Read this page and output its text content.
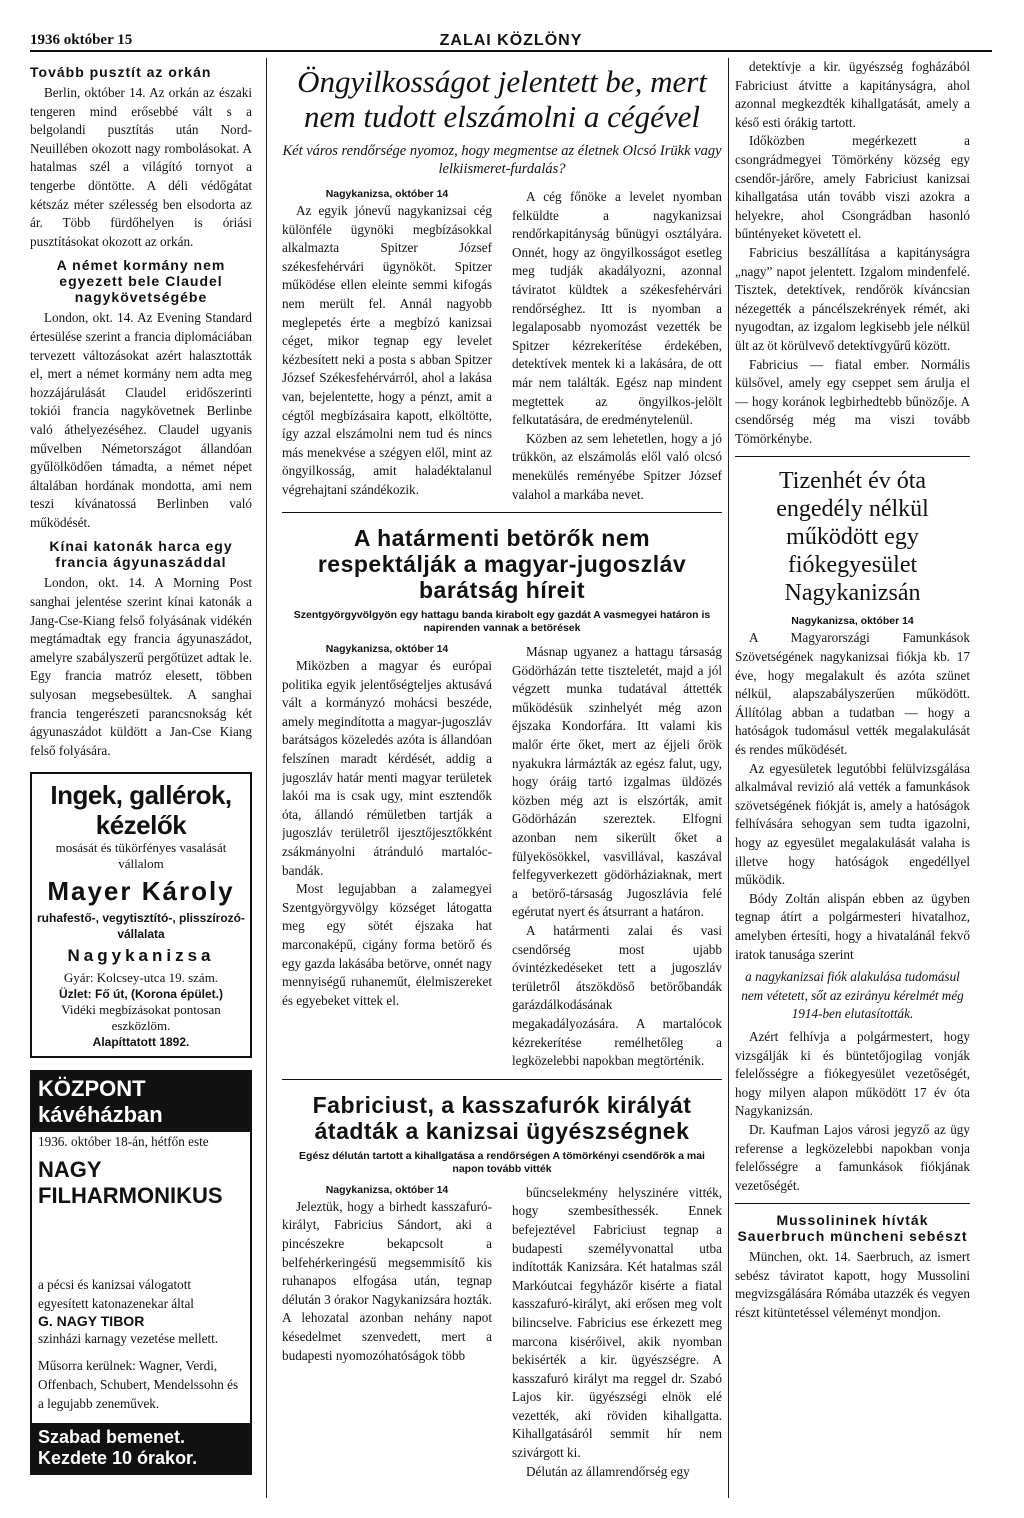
1936 október 15	ZALAI KÖZLÖNY
Tovább pusztít az orkán

Berlin, október 14. Az orkán az északi tengeren mind erősebbé vált s a belgolandi pusztítás után Nord-Neuillében okozott nagy rombolásokat. A hatalmas szél a világító tornyot a tengerbe döntötte. A déli védőgátat kétszáz méter szélesség ben elsodorta az ár. Több fürdőhelyen is óriási pusztításokat okozott az orkán.

A német kormány nem egyezett bele Claudel nagykövetségébe

London, okt. 14. Az Evening Standard értesülése szerint a francia diplomáciában tervezett változásokat azért halasztották el, mert a német kormány nem adta meg hozzájárulását Claudel eridőszerinti tokiói francia nagykövetnek Berlinbe való áthelyezéséhez. Claudel ugyanis művelben Németországot állandóan gyűlölködően támadta, a német népet általában hordának mondotta, ami nem teszi kívánatossá Berlinben való működését.

Kínai katonák harca egy francia ágyunaszáddal

London, okt. 14. A Morning Post sanghai jelentése szerint kínai katonák a Jang-Cse-Kiang felső folyásának vidékén megtámadtak egy francia ágyunaszádot, amelyre szabályszerű pergőtüzet adtak le. Egy francia matróz elesett, többen sulyosan megsebesültek. A sanghai francia tengerészeti parancsnokság két ágyunaszádot küldött a Jan-Cse Kiang felső folyására.

Ingek, gallérok, kézelők
mosását és tükörfényes vasalását vállalom
Mayer Károly
ruhafestő-, vegytisztító-, plisszírozó-vállalata
Nagykanizsa
Gyár: Kolcsey-utca 19. szám.
Üzlet: Fő út, (Korona épület.)
Vidéki megbízásokat pontosan eszközlöm.
Alapíttatott 1892.
KÖZPONT kávéházban
1936. október 18-án, hétfőn este
NAGY FILHARMONIKUS
a pécsi és kanizsai válogatott egyesített katonazenekar által
G. NAGY TIBOR
szinházi karnagy vezetése mellett.
Műsorra kerülnek: Wagner, Verdi, Offenbach, Schubert, Mendelssohn és a legujabb zeneművek.
Szabad bemenet. Kezdete 10 órakor.
Öngyilkosságot jelentett be, mert nem tudott elszámolni a cégével
Két város rendőrsége nyomoz, hogy megmentse az életnek Olcsó Irükk vagy lelkiismeret-furdalás?
Nagykanizsa, október 14

Az egyik jónevű nagykanizsai cég különféle ügynöki megbízásokkal alkalmazta Spitzer József székesfehérvári ügynököt. Spitzer működése ellen eleinte semmi kifogás nem merült fel. Annál nagyobb meglepetés érte a megbízó kanizsai céget, mikor tegnap egy levelet kézbesített neki a posta s abban Spitzer József Székesfehérvárról, ahol a lakása van, bejelentette, hogy a pénzt, amit a cégtől megbízásaira kapott, elköltötte, így azzal elszámolni nem tud és nincs más menekvése a szégyen elől, mint az öngyilkosság, amit haladéktalanul végrehajtani szándékozik.

A cég főnöke a levelet nyomban felküldte a nagykanizsai rendőrkapitányság bűnügyi osztályára. Onnét, hogy az öngyilkosságot esetleg meg tudják akadályozni, azonnal táviratot küldtek a székesfehérvári rendőrséghez. Itt is nyomban a legalaposabb nyomozást vezették be Spitzer kézrekerítése érdekében, detektívek mentek ki a lakására, de ott már nem találták. Egész nap mindent megtettek az öngyilkos-jelölt felkutatására, de eredménytelenül.

Közben az sem lehetetlen, hogy a jó trükkön, az elszámolás elől való olcsó menekülés reményébe Spitzer József valahol a markába nevet.

A határmenti betörők nem respektálják a magyar-jugoszláv barátság híreit
Szentgyörgyvölgyön egy hattagu banda kirabolt egy gazdát A vasmegyei határon is napirenden vannak a betörések
Nagykanizsa, október 14

Miközben a magyar és európai politika egyik jelentőségteljes aktusává vált a kormányzó mohácsi beszéde, amely megindította a magyar-jugoszláv barátságos közeledés azóta is állandóan felszínen maradt kérdését, addig a jugoszláv határ menti magyar területek lakói ma is csak ugy, mint esztendők óta, állandó rémületben tartják a jugoszláv területről ijesztőjesztőkként zsákmányolni átránduló martalóc-bandák.

Most legujabban a zalamegyei Szentgyörgyvölgy községet látogatta meg egy sötét éjszaka hat marconaképű, cigány forma betörő és egy gazda lakásába betörve, onnét nagy mennyiségű ruhaneműt, élelmiszereket és egyebeket vittek el.

Másnap ugyanez a hattagu társaság Gödörházán tette tiszteletét, majd a jól végzett munka tudatával áttették működésük szinhelyét még azon éjszaka Kondorfára. Itt valami kis malőr érte őket, mert az éjjeli őrök nyakukra lármázták az egész falut, ugy, hogy óráig tartó izgalmas üldözés közben még azt is elszórták, amit Gödörházán szereztek. Elfogni azonban nem sikerült őket a fülyekösökkel, vasvillával, kaszával felfegyverkezett gödörháziaknak, mert a betörő-társaság Jugoszlávia felé egérutat nyert és átsurrant a határon.

A határmenti zalai és vasi csendőrség most ujabb óvintézkedéseket tett a jugoszláv területről átszökdöső betörőbandák garázdálkodásának megakadályozására. A martalócok kézrekerítése remélhetőleg a legközelebbi napokban megtörténik.

Fabriciust, a kasszafurók királyát átadták a kanizsai ügyészségnek
Egész délután tartott a kihallgatása a rendőrségen A tömörkényi csendőrök a mai napon tovább vitték
Nagykanizsa, október 14

Jeleztük, hogy a birhedt kasszafuró-királyt, Fabricius Sándort, aki a pincészekre bekapcsolt a belfehérkeringésű megsemmisítő kis ruhanapos elfogása után, tegnap délután 3 órakor Nagykanizsára hozták. A lehozatal azonban nehány napot késedelmet szenvedett, mert a budapesti nyomozóhatóságok több

bűncselekmény helyszinére vitték, hogy szembesíthessék. Ennek befejeztével Fabriciust tegnap a budapesti személyvonattal utba indították Kanizsára. Két hatalmas szál Markóutcai fegyházőr kisérte a fiatal kasszafuró-királyt, aki erősen meg volt bilincselve. Fabricius ese érkezett meg marcona kisérőivel, akik nyomban bekisérték a kir. ügyészségre. A kasszafuró királyt ma reggel dr. Szabó Lajos kir. ügyészségi elnök elé vezették, aki röviden kihallgatta. Kihallgatásáról semmit hír nem szivárgott ki.

Délután az államrendőrség egy

detektívje a kir. ügyészség fogházából Fabriciust átvitte a kapitányságra, ahol azonnal megkezdték kihallgatását, amely a késő esti órákig tartott.

Időközben megérkezett a csongrádmegyei Tömörkény község egy csendőr-járőre, amely Fabriciust kanizsai kihallgatása után tovább viszi azokra a helyekre, ahol Csongrádban hasonló bűntényeket követett el.

Fabricius beszállítása a kapitányságra „nagy” napot jelentett. Izgalom mindenfelé. Tisztek, detektívek, rendőrök kíváncsian nézegették a páncélszekrények rémét, aki nyugodtan, az izgalom legkisebb jele nélkül ült az öt körülvevő detektívgyűrű között.

Fabricius — fiatal ember. Normális külsővel, amely egy cseppet sem árulja el — hogy koránok legbirhedtebb bűnözője. A csendőrség még ma viszi tovább Tömörkénybe.

Tizenhét év óta engedély nélkül működött egy fiókegyesület Nagykanizsán
Nagykanizsa, október 14

A Magyarországi Famunkások Szövetségének nagykanizsai fiókja kb. 17 éve, hogy megalakult és azóta szünet nélkül, alapszabályszerűen működött. Állítólag abban a tudatban — hogy a hatóságok tudomásul vették megalakulását és rendes működését.

Az egyesületek legutóbbi felülvizsgálása alkalmával revizió alá vették a famunkások szövetségének fiókját is, amely a hatóságok felhívására sehogyan sem tudta igazolni, hogy az egyesület megalakulását valaha is illetve hogy hatóságok engedéllyel működik.

Bódy Zoltán alispán ebben az ügyben tegnap átírt a polgármesteri hivatalhoz, amelyben értesíti, hogy a hivatalánál fekvő iratok tanusága szerint

a nagykanizsai fiók alakulása tudomásul nem vétetett, sőt az ezirányu kérelmét még 1914-ben elutasították.

Azért felhívja a polgármestert, hogy vizsgálják ki és büntetőjogilag vonják felelősségre a fiókegyesület vezetőségét, hogy milyen alapon működött 17 év óta Nagykanizsán.

Dr. Kaufman Lajos városi jegyző az ügy referense a legközelebbi napokban vonja felelősségre a famunkások fiókjának vezetőségét.

Mussolininek hívták Sauerbruch müncheni sebészt

München, okt. 14. Saerbruch, az ismert sebész táviratot kapott, hogy Mussolini megvizsgálására Rómába utazzék és vegyen részt kitüntetéssel véleményt mondjon.
